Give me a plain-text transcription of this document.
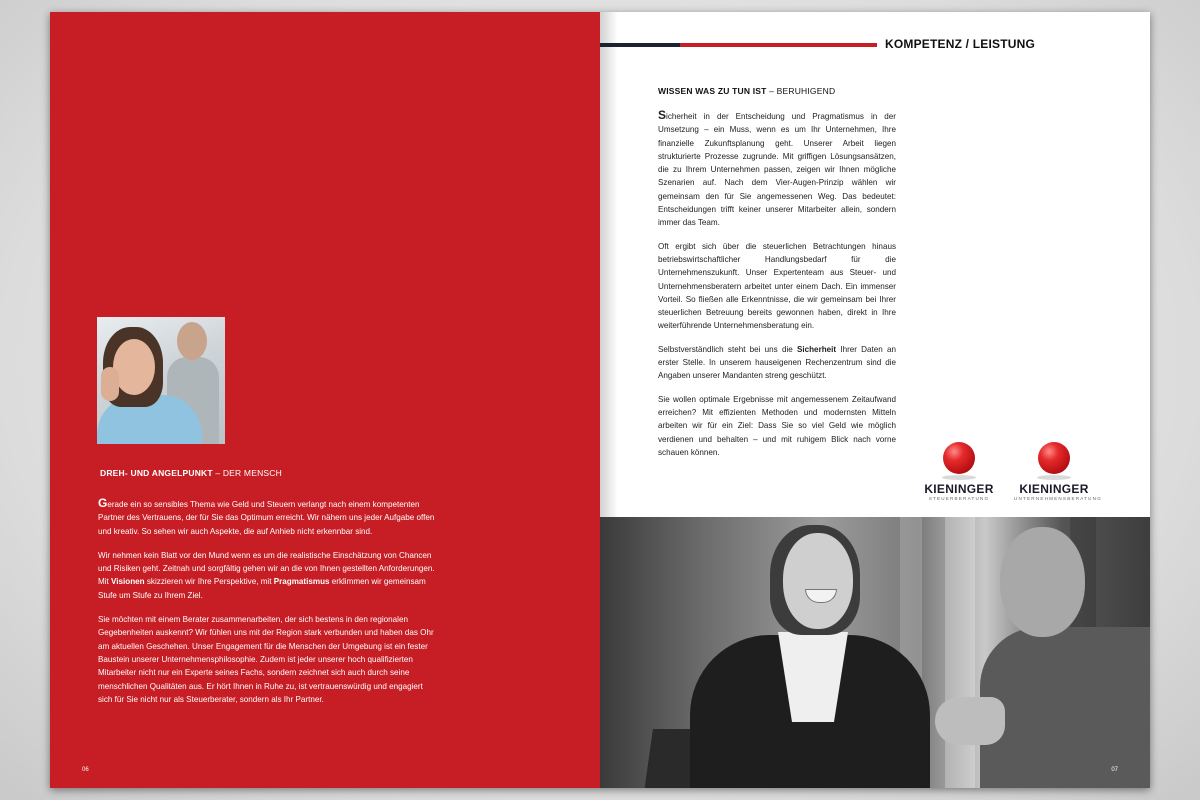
DREH- UND ANGELPUNKT – DER MENSCH

Gerade ein so sensibles Thema wie Geld und Steuern verlangt nach einem kompetenten Partner des Vertrauens, der für Sie das Optimum erreicht. Wir nähern uns jeder Aufgabe offen und kreativ. So sehen wir auch Aspekte, die auf Anhieb nicht erkennbar sind.

Wir nehmen kein Blatt vor den Mund wenn es um die realistische Einschätzung von Chancen und Risiken geht. Zeitnah und sorgfältig gehen wir an die von Ihnen gestellten Anforderungen. Mit Visionen skizzieren wir Ihre Perspektive, mit Pragmatismus erklimmen wir gemeinsam Stufe um Stufe zu Ihrem Ziel.

Sie möchten mit einem Berater zusammenarbeiten, der sich bestens in den regionalen Gegebenheiten auskennt? Wir fühlen uns mit der Region stark verbunden und haben das Ohr am aktuellen Geschehen. Unser Engagement für die Menschen der Umgebung ist ein fester Baustein unserer Unternehmensphilosophie. Zudem ist jeder unserer hoch qualifizierten Mitarbeiter nicht nur ein Experte seines Fachs, sondern zeichnet sich auch durch seine menschlichen Qualitäten aus. Er hört Ihnen in Ruhe zu, ist vertrauenswürdig und engagiert sich für Sie nicht nur als Steuerberater, sondern als Ihr Partner.

06
KOMPETENZ / LEISTUNG
WISSEN WAS ZU TUN IST – BERUHIGEND

Sicherheit in der Entscheidung und Pragmatismus in der Umsetzung – ein Muss, wenn es um Ihr Unternehmen, Ihre finanzielle Zukunftsplanung geht. Unserer Arbeit liegen strukturierte Prozesse zugrunde. Mit griffigen Lösungsansätzen, die zu Ihrem Unternehmen passen, zeigen wir Ihnen mögliche Szenarien auf. Nach dem Vier-Augen-Prinzip wählen wir gemeinsam den für Sie angemessenen Weg. Das bedeutet: Entscheidungen trifft keiner unserer Mitarbeiter allein, sondern immer das Team.

Oft ergibt sich über die steuerlichen Betrachtungen hinaus betriebswirtschaftlicher Handlungsbedarf für die Unternehmenszukunft. Unser Expertenteam aus Steuer- und Unternehmensberatern arbeitet unter einem Dach. Ein immenser Vorteil. So fließen alle Erkenntnisse, die wir gemeinsam bei Ihrer steuerlichen Betreuung bereits gewonnen haben, direkt in Ihre weiterführende Unternehmensberatung ein.

Selbstverständlich steht bei uns die Sicherheit Ihrer Daten an erster Stelle. In unserem hauseigenen Rechenzentrum sind die Angaben unserer Mandanten streng geschützt.

Sie wollen optimale Ergebnisse mit angemessenem Zeitaufwand erreichen? Mit effizienten Methoden und modernsten Mitteln arbeiten wir für ein Ziel: Dass Sie so viel Geld wie möglich verdienen und behalten – und mit ruhigem Blick nach vorne schauen können.

KIENINGER
STEUERBERATUNG
KIENINGER
UNTERNEHMENSBERATUNG
07
